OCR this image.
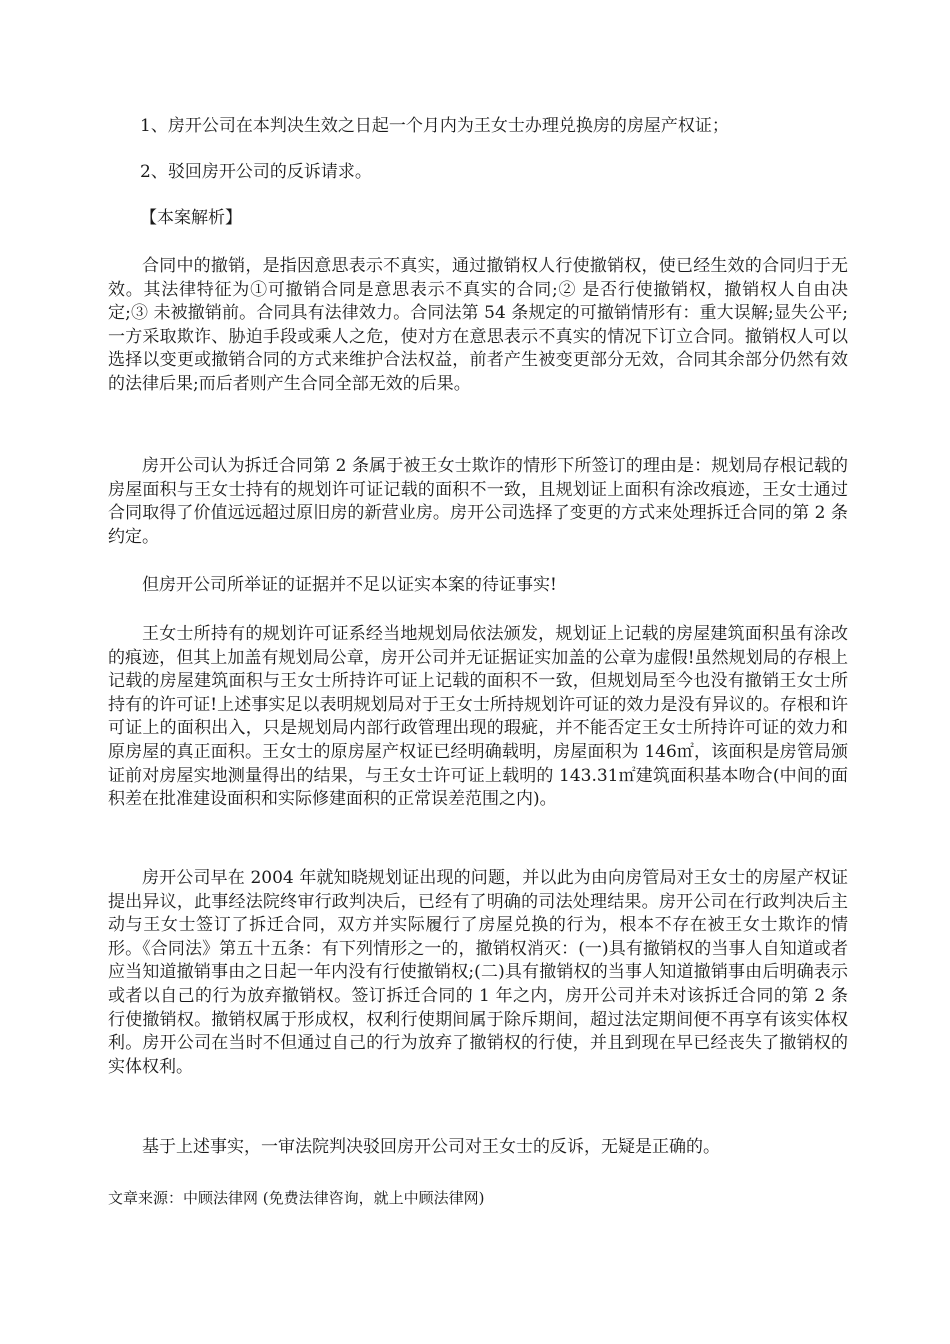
1、房开公司在本判决生效之日起一个月内为王女士办理兑换房的房屋产权证；
2、驳回房开公司的反诉请求。
【本案解析】

合同中的撤销，是指因意思表示不真实，通过撤销权人行使撤销权，使已经生效的合同归于无效。其法律特征为①可撤销合同是意思表示不真实的合同;② 是否行使撤销权，撤销权人自由决定;③ 未被撤销前。合同具有法律效力。合同法第 54 条规定的可撤销情形有：重大误解;显失公平;一方采取欺诈、胁迫手段或乘人之危，使对方在意思表示不真实的情况下订立合同。撤销权人可以选择以变更或撤销合同的方式来维护合法权益，前者产生被变更部分无效，合同其余部分仍然有效的法律后果;而后者则产生合同全部无效的后果。

房开公司认为拆迁合同第 2 条属于被王女士欺诈的情形下所签订的理由是：规划局存根记载的房屋面积与王女士持有的规划许可证记载的面积不一致，且规划证上面积有涂改痕迹，王女士通过合同取得了价值远远超过原旧房的新营业房。房开公司选择了变更的方式来处理拆迁合同的第 2 条约定。

但房开公司所举证的证据并不足以证实本案的待证事实!

王女士所持有的规划许可证系经当地规划局依法颁发，规划证上记载的房屋建筑面积虽有涂改的痕迹，但其上加盖有规划局公章，房开公司并无证据证实加盖的公章为虚假!虽然规划局的存根上记载的房屋建筑面积与王女士所持许可证上记载的面积不一致，但规划局至今也没有撤销王女士所持有的许可证!上述事实足以表明规划局对于王女士所持规划许可证的效力是没有异议的。存根和许可证上的面积出入，只是规划局内部行政管理出现的瑕疵，并不能否定王女士所持许可证的效力和原房屋的真正面积。王女士的原房屋产权证已经明确载明，房屋面积为 146㎡，该面积是房管局颁证前对房屋实地测量得出的结果，与王女士许可证上载明的 143.31㎡建筑面积基本吻合(中间的面积差在批准建设面积和实际修建面积的正常误差范围之内)。

房开公司早在 2004 年就知晓规划证出现的问题，并以此为由向房管局对王女士的房屋产权证提出异议，此事经法院终审行政判决后，已经有了明确的司法处理结果。房开公司在行政判决后主动与王女士签订了拆迁合同，双方并实际履行了房屋兑换的行为，根本不存在被王女士欺诈的情形。《合同法》第五十五条：有下列情形之一的，撤销权消灭：(一)具有撤销权的当事人自知道或者应当知道撤销事由之日起一年内没有行使撤销权;(二)具有撤销权的当事人知道撤销事由后明确表示或者以自己的行为放弃撤销权。签订拆迁合同的 1 年之内，房开公司并未对该拆迁合同的第 2 条行使撤销权。撤销权属于形成权，权利行使期间属于除斥期间，超过法定期间便不再享有该实体权利。房开公司在当时不但通过自己的行为放弃了撤销权的行使，并且到现在早已经丧失了撤销权的实体权利。

基于上述事实，一审法院判决驳回房开公司对王女士的反诉，无疑是正确的。

文章来源：中顾法律网 (免费法律咨询，就上中顾法律网)
